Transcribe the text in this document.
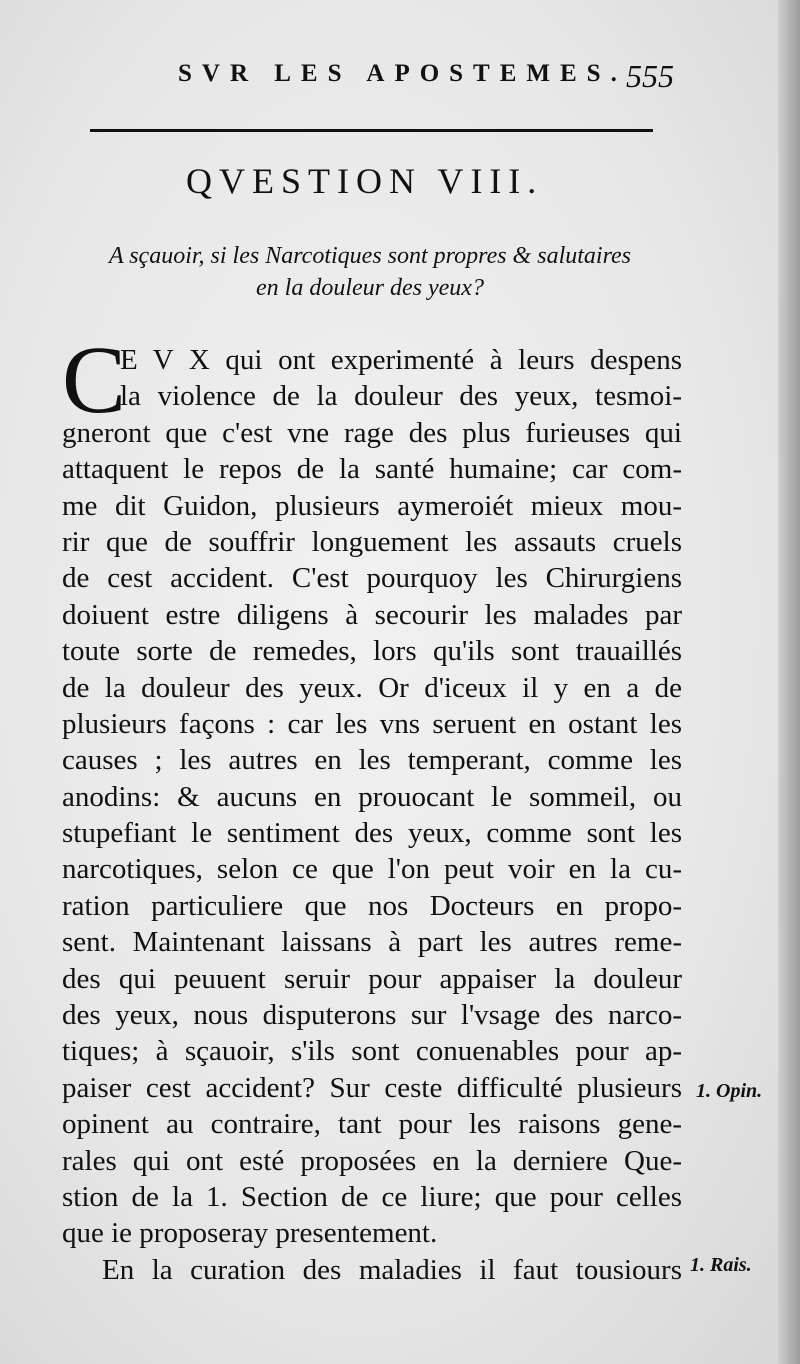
SVR LES APOSTEMES. 555
QVESTION VIII.
A sçauoir, si les Narcotiques sont propres & salutaires
en la douleur des yeux?
C
E V X qui ont experimenté à leurs despens
la violence de la douleur des yeux, tesmoi-
gneront que c'est vne rage des plus furieuses qui
attaquent le repos de la santé humaine; car com-
me dit Guidon, plusieurs aymeroiét mieux mou-
rir que de souffrir longuement les assauts cruels
de cest accident. C'est pourquoy les Chirurgiens
doiuent estre diligens à secourir les malades par
toute sorte de remedes, lors qu'ils sont trauaillés
de la douleur des yeux. Or d'iceux il y en a de
plusieurs façons : car les vns seruent en ostant les
causes ; les autres en les temperant, comme les
anodins: & aucuns en prouocant le sommeil, ou
stupefiant le sentiment des yeux, comme sont les
narcotiques, selon ce que l'on peut voir en la cu-
ration particuliere que nos Docteurs en propo-
sent. Maintenant laissans à part les autres reme-
des qui peuuent seruir pour appaiser la douleur
des yeux, nous disputerons sur l'vsage des narco-
tiques; à sçauoir, s'ils sont conuenables pour ap-
paiser cest accident? Sur ceste difficulté plusieurs
opinent au contraire, tant pour les raisons gene-
rales qui ont esté proposées en la derniere Que-
stion de la 1. Section de ce liure; que pour celles
que ie proposeray presentement.
En la curation des maladies il faut tousiours
1. Opin.
1. Rais.
